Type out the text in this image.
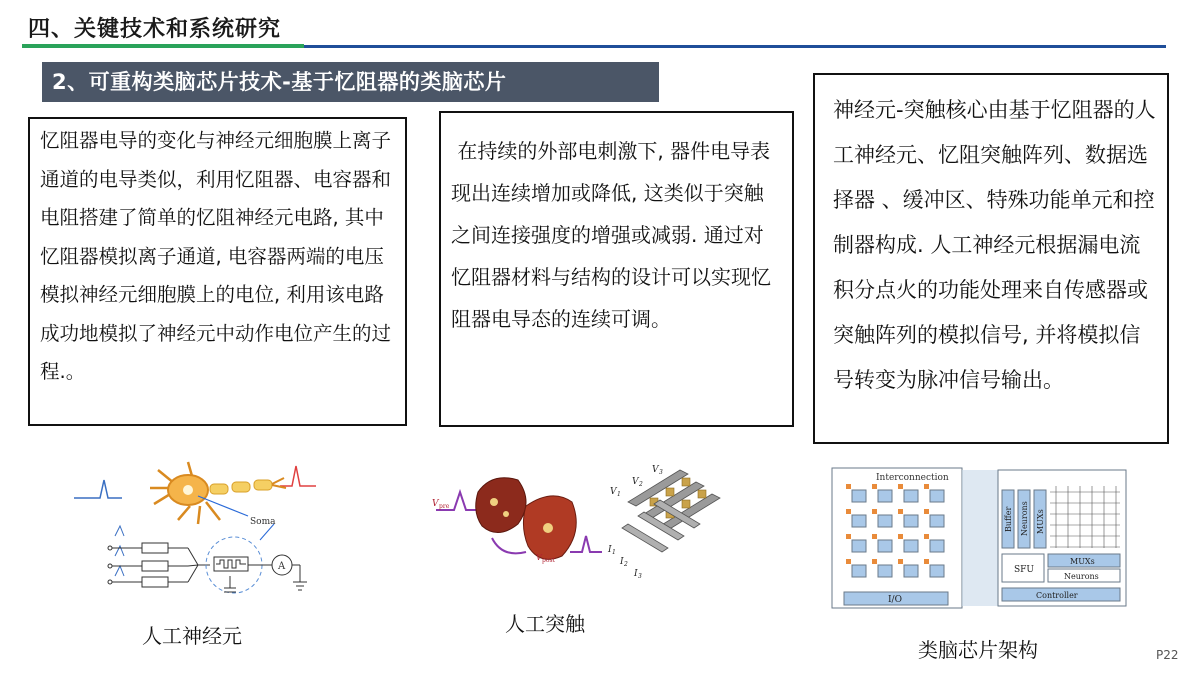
四、关键技术和系统研究
2、可重构类脑芯片技术-基于忆阻器的类脑芯片
忆阻器电导的变化与神经元细胞膜上离子通道的电导类似，利用忆阻器、电容器和电阻搭建了简单的忆阻神经元电路, 其中忆阻器模拟离子通道, 电容器两端的电压模拟神经元细胞膜上的电位, 利用该电路成功地模拟了神经元中动作电位产生的过程.。
在持续的外部电刺激下, 器件电导表现出连续增加或降低, 这类似于突触之间连接强度的增强或减弱. 通过对忆阻器材料与结构的设计可以实现忆阻器电导态的连续可调。
神经元-突触核心由基于忆阻器的人工神经元、忆阻突触阵列、数据选择器 、缓冲区、特殊功能单元和控制器构成. 人工神经元根据漏电流积分点火的功能处理来自传感器或突触阵列的模拟信号, 并将模拟信号转变为脉冲信号输出。
Soma
A
人工神经元
V pre
V post
V 1
V 2
V 3
I 1
I 2
I 3
人工突触
Interconnection
I/O
Buffer Neurons MUXs
SFU
MUXs
Neurons
Controller
类脑芯片架构	P22
